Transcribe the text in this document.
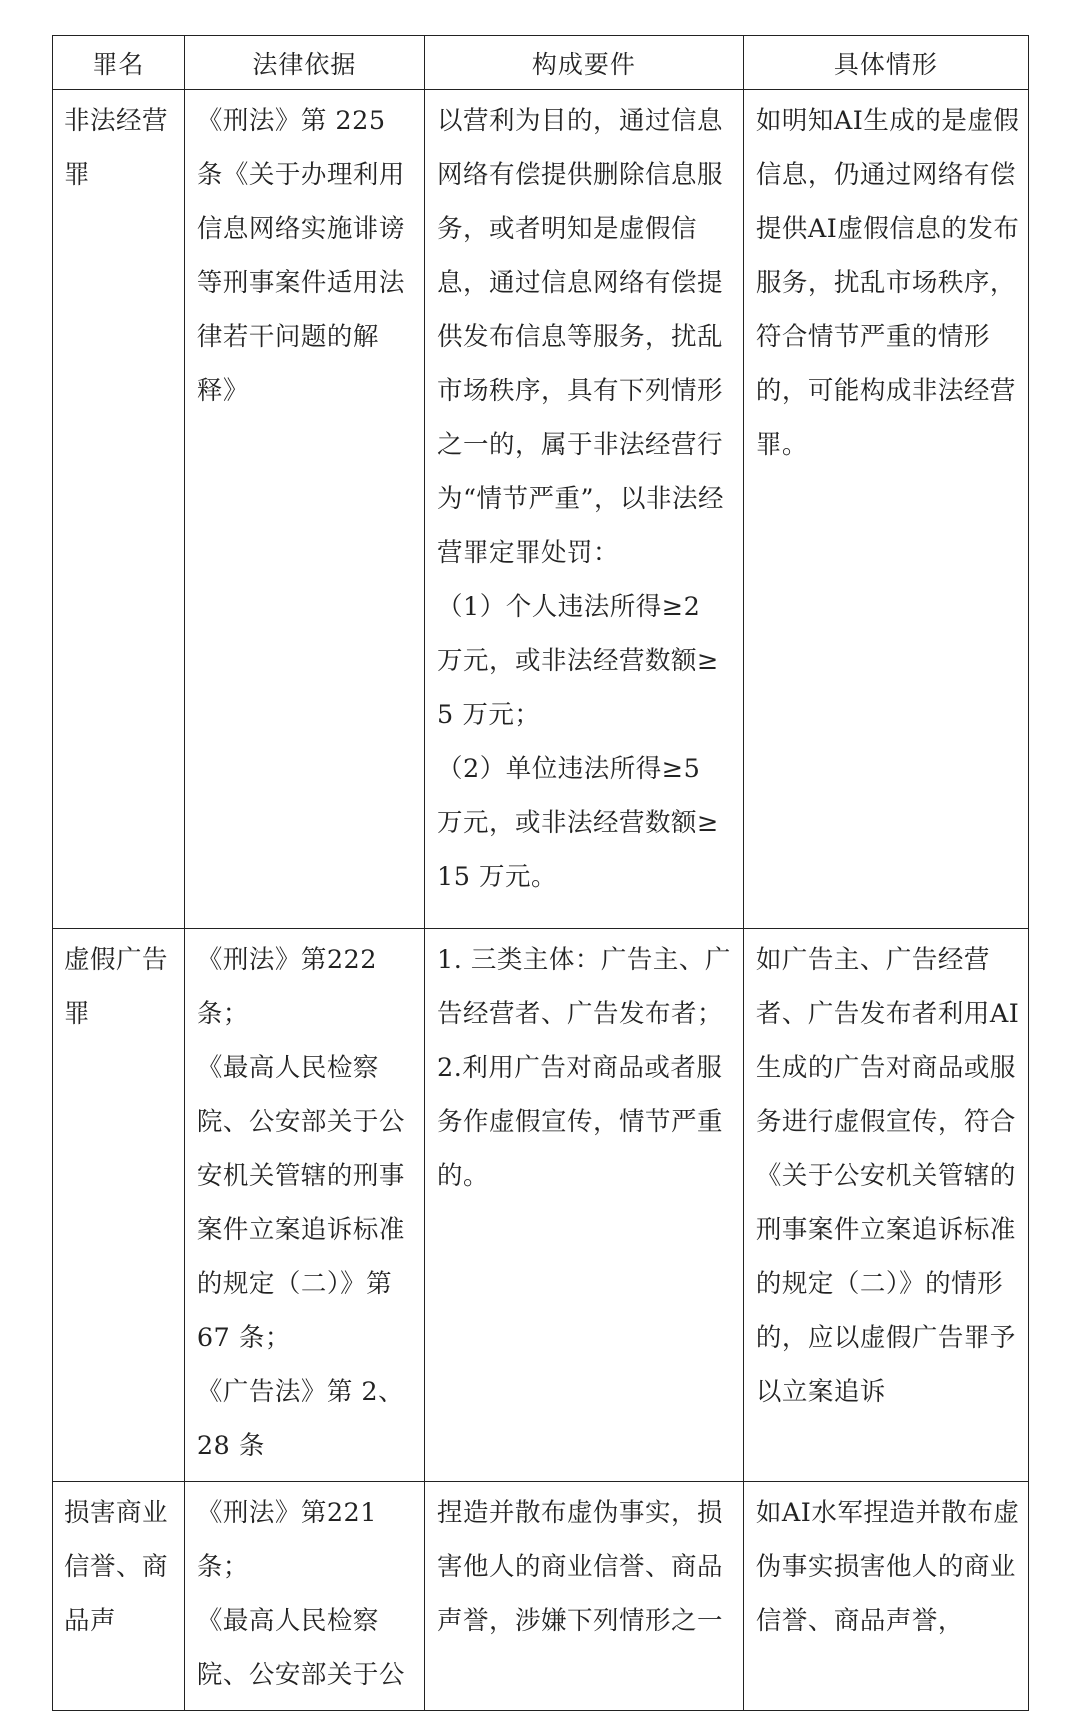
罪名	法律依据	构成要件	具体情形

非法经营罪	《刑法》第 225 条《关于办理利用信息网络实施诽谤等刑事案件适用法律若干问题的解释》	以营利为目的，通过信息网络有偿提供删除信息服务，或者明知是虚假信息，通过信息网络有偿提供发布信息等服务，扰乱市场秩序，具有下列情形之一的，属于非法经营行为“情节严重”，以非法经营罪定罪处罚：
（1）个人违法所得≥2 万元，或非法经营数额≥5 万元；
（2）单位违法所得≥5 万元，或非法经营数额≥15 万元。	如明知AI生成的是虚假信息，仍通过网络有偿提供AI虚假信息的发布服务，扰乱市场秩序，符合情节严重的情形的，可能构成非法经营罪。

虚假广告罪	《刑法》第222条；
《最高人民检察院、公安部关于公安机关管辖的刑事案件立案追诉标准的规定（二）》第 67 条；
《广告法》第 2、28 条	1. 三类主体：广告主、广告经营者、广告发布者；
2.利用广告对商品或者服务作虚假宣传，情节严重的。	如广告主、广告经营者、广告发布者利用AI生成的广告对商品或服务进行虚假宣传，符合《关于公安机关管辖的刑事案件立案追诉标准的规定（二）》的情形的，应以虚假广告罪予以立案追诉

损害商业信誉、商品声	《刑法》第221条；
《最高人民检察院、公安部关于公	捏造并散布虚伪事实，损害他人的商业信誉、商品声誉，涉嫌下列情形之一	如AI水军捏造并散布虚伪事实损害他人的商业信誉、商品声誉，
